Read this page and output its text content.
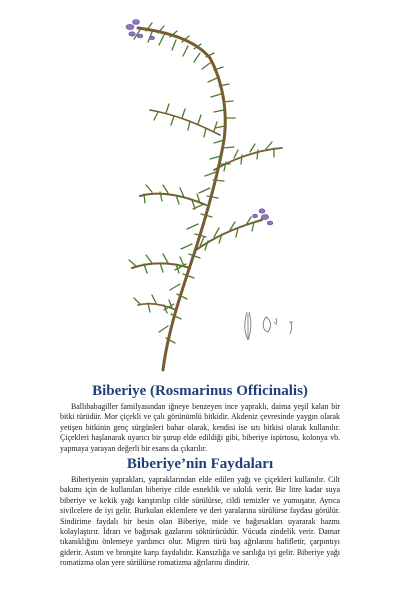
Biberiye (Rosmarinus Officinalis)

Ballıbabagiller familyasından iğneye benzeyen ince yapraklı, daima yeşil kalan bir bitki türüdür. Mor çiçekli ve çalı görünümlü bitkidir. Akdeniz çevresinde yaygın olarak yetişen bitkinin genç sürgünleri bahar olarak, kendisi ise sıtı bitkisi olarak kullanılır. Çiçekleri haşlanarak uyarıcı bir şurup elde edildiği gibi, biberiye ispirtosu, kolonya vb. yapmaya yarayan değerli bir esans da çıkarılır.

Biberiye’nin Faydaları

Biberiyenin yaprakları, yapraklarından elde edilen yağı ve çiçekleri kullanılır. Cilt bakımı için de kullanılan biberiye cilde esneklik ve sıkılık verir. Bir litre kadar suya biberiye ve kekik yağı karıştırılıp cilde sürülürse, cildi temizler ve yumuşatır. Ayrıca sivilcelere de iyi gelir. Burkulan eklemlere ve deri yaralarına sürülürse faydası görülür. Sindirime faydalı bir besin olan Biberiye, mide ve bağırsakları uyararak hazmı kolaylaştırır. İdrarı ve bağırsak gazlarını söktürücüdür. Vücuda zindelik verir. Damar tıkanıklığını önlemeye yardımcı olur. Migren türü baş ağrılarını hafifletir, çarpıntıyı giderir. Astım ve bronşite karşı faydalıdır. Kansızlığa ve sarılığa iyi gelir. Biberiye yağı romatizma olan yere sürülürse romatizma ağrılarını dindirir.
